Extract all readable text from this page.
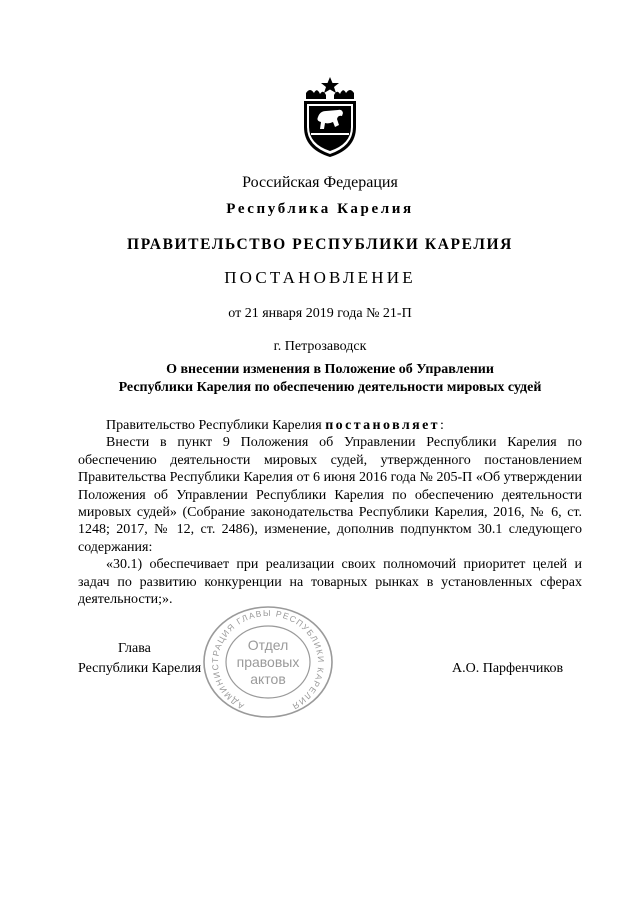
Российская Федерация
Республика Карелия
ПРАВИТЕЛЬСТВО РЕСПУБЛИКИ КАРЕЛИЯ
ПОСТАНОВЛЕНИЕ
от 21 января 2019 года № 21-П
г. Петрозаводск
О внесении изменения в Положение об Управлении
Республики Карелия по обеспечению деятельности мировых судей

Правительство Республики Карелия постановляет:

Внести в пункт 9 Положения об Управлении Республики Карелия по обеспечению деятельности мировых судей, утвержденного постановлением Правительства Республики Карелия от 6 июня 2016 года № 205-П «Об утверждении Положения об Управлении Республики Карелия по обеспечению деятельности мировых судей» (Собрание законодательства Республики Карелия, 2016, № 6, ст. 1248; 2017, № 12, ст. 2486), изменение, дополнив подпунктом 30.1 следующего содержания:

«30.1) обеспечивает при реализации своих полномочий приоритет целей и задач по развитию конкуренции на товарных рынках в установленных сферах деятельности;».

Глава
Республики Карелия	А.О. Парфенчиков
АДМИНИСТРАЦИЯ ГЛАВЫ РЕСПУБЛИКИ КАРЕЛИЯ
Отдел
правовых
актов
